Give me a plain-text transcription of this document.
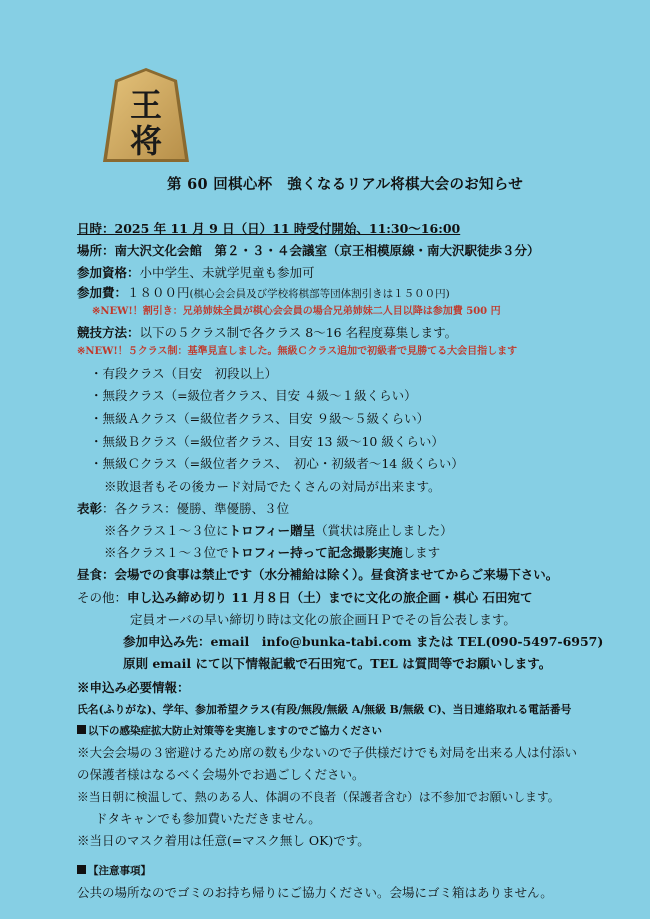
王
将
第 60 回棋心杯　強くなるリアル将棋大会のお知らせ
日時：2025 年 11 月 9 日（日）11 時受付開始、11:30～16:00
場所：南大沢文化会館　第２・３・４会議室（京王相模原線・南大沢駅徒歩３分）
参加資格：小中学生、未就学児童も参加可
参加費：１８００円(棋心会会員及び学校将棋部等団体割引きは１５００円)
※NEW!！割引き：兄弟姉妹全員が棋心会会員の場合兄弟姉妹二人目以降は参加費 500 円
競技方法：以下の５クラス制で各クラス 8～16 名程度募集します。
※NEW!！５クラス制：基準見直しました。無級Ｃクラス追加で初級者で見勝てる大会目指します
・有段クラス（目安　初段以上）
・無段クラス（=級位者クラス、目安 ４級～１級くらい）
・無級Ａクラス（=級位者クラス、目安 ９級～５級くらい）
・無級Ｂクラス（=級位者クラス、目安 13 級～10 級くらい）
・無級Ｃクラス（=級位者クラス、　初心・初級者～14 級くらい）
※敗退者もその後カード対局でたくさんの対局が出来ます。
表彰：各クラス：優勝、準優勝、３位
※各クラス１～３位にトロフィー贈呈（賞状は廃止しました）
※各クラス１～３位でトロフィー持って記念撮影実施します
昼食：会場での食事は禁止です（水分補給は除く）。昼食済ませてからご来場下さい。
その他：申し込み締め切り 11 月８日（土）までに文化の旅企画・棋心 石田宛て
定員オーバの早い締切り時は文化の旅企画ＨＰでその旨公表します。
参加申込み先：email　info@bunka-tabi.com または TEL(090-5497-6957)
原則 email にて以下情報記載で石田宛て。TEL は質問等でお願いします。
※申込み必要情報：
氏名(ふりがな)、学年、参加希望クラス(有段/無段/無級 A/無級 B/無級 C)、当日連絡取れる電話番号
以下の感染症拡大防止対策等を実施しますのでご協力ください
※大会会場の３密避けるため席の数も少ないので子供様だけでも対局を出来る人は付添い
の保護者様はなるべく会場外でお過ごしください。
※当日朝に検温して、熱のある人、体調の不良者（保護者含む）は不参加でお願いします。
ドタキャンでも参加費いただきません。
※当日のマスク着用は任意(=マスク無し OK)です。
【注意事項】
公共の場所なのでゴミのお持ち帰りにご協力ください。会場にゴミ箱はありません。
